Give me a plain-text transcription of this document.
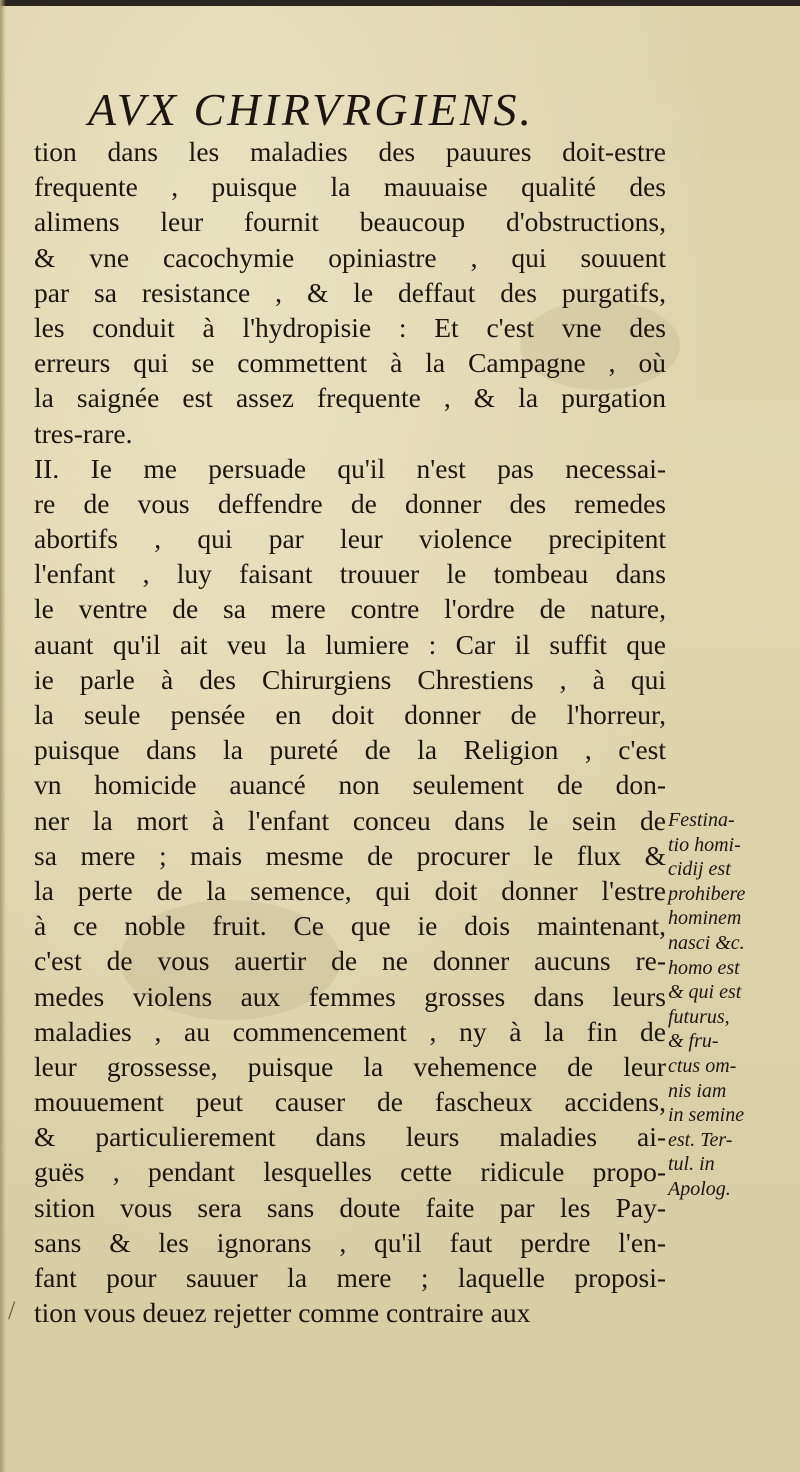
AVX CHIRVRGIENS.
tion dans les maladies des pauures doit-estre
frequente , puisque la mauuaise qualité des
alimens leur fournit beaucoup d'obstructions,
& vne cacochymie opiniastre , qui souuent
par sa resistance , & le deffaut des purgatifs,
les conduit à l'hydropisie : Et c'est vne des
erreurs qui se commettent à la Campagne , où
la saignée est assez frequente , & la purgation
tres-rare.
II. Ie me persuade qu'il n'est pas necessai-
re de vous deffendre de donner des remedes
abortifs , qui par leur violence precipitent
l'enfant , luy faisant trouuer le tombeau dans
le ventre de sa mere contre l'ordre de nature,
auant qu'il ait veu la lumiere : Car il suffit que
ie parle à des Chirurgiens Chrestiens , à qui
la seule pensée en doit donner de l'horreur,
puisque dans la pureté de la Religion , c'est
vn homicide auancé non seulement de don-
ner la mort à l'enfant conceu dans le sein de
sa mere ; mais mesme de procurer le flux &
la perte de la semence, qui doit donner l'estre
à ce noble fruit. Ce que ie dois maintenant,
c'est de vous auertir de ne donner aucuns re-
medes violens aux femmes grosses dans leurs
maladies , au commencement , ny à la fin de
leur grossesse, puisque la vehemence de leur
mouuement peut causer de fascheux accidens,
& particulierement dans leurs maladies ai-
guës , pendant lesquelles cette ridicule propo-
sition vous sera sans doute faite par les Pay-
sans & les ignorans , qu'il faut perdre l'en-
fant pour sauuer la mere ; laquelle proposi-
tion vous deuez rejetter comme contraire aux
Festina-
tio homi-
cidij est
prohibere
hominem
nasci &c.
homo est
& qui est
futurus,
& fru-
ctus om-
nis iam
in semine
est. Ter-
tul. in
Apolog.
/
